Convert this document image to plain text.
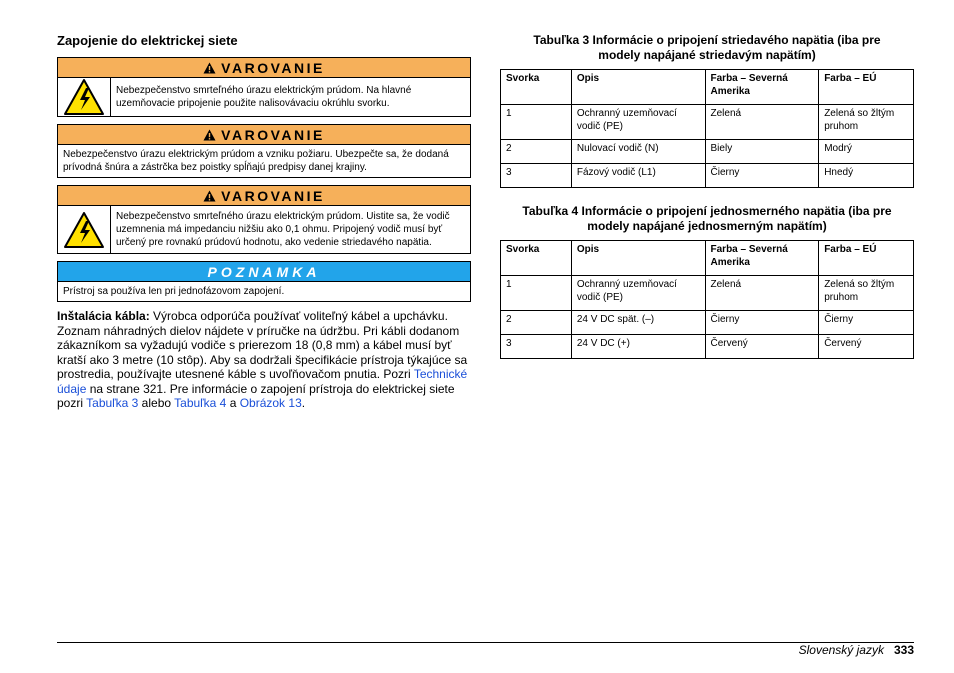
Zapojenie do elektrickej siete
VAROVANIE
Nebezpečenstvo smrteľného úrazu elektrickým prúdom. Na hlavné uzemňovacie pripojenie použite nalisovávaciu okrúhlu svorku.
VAROVANIE
Nebezpečenstvo úrazu elektrickým prúdom a vzniku požiaru. Ubezpečte sa, že dodaná prívodná šnúra a zástrčka bez poistky spĺňajú predpisy danej krajiny.
VAROVANIE
Nebezpečenstvo smrteľného úrazu elektrickým prúdom. Uistite sa, že vodič uzemnenia má impedanciu nižšiu ako 0,1 ohmu. Pripojený vodič musí byť určený pre rovnakú prúdovú hodnotu, ako vedenie striedavého napätia.
POZNAMKA
Prístroj sa používa len pri jednofázovom zapojení.
Inštalácia kábla: Výrobca odporúča používať voliteľný kábel a upchávku. Zoznam náhradných dielov nájdete v príručke na údržbu. Pri kábli dodanom zákazníkom sa vyžadujú vodiče s prierezom 18 (0,8 mm) a kábel musí byť kratší ako 3 metre (10 stôp). Aby sa dodržali špecifikácie prístroja týkajúce sa prostredia, používajte utesnené káble s uvoľňovačom pnutia. Pozri Technické údaje na strane 321. Pre informácie o zapojení prístroja do elektrickej siete pozri Tabuľka 3 alebo Tabuľka 4 a Obrázok 13.
Tabuľka 3 Informácie o pripojení striedavého napätia (iba pre
modely napájané striedavým napätím)
Svorka	Opis	Farba – Severná Amerika	Farba – EÚ
1	Ochranný uzemňovací vodič (PE)	Zelená	Zelená so žltým pruhom
2	Nulovací vodič (N)	Biely	Modrý
3	Fázový vodič (L1)	Čierny	Hnedý
Tabuľka 4 Informácie o pripojení jednosmerného napätia (iba pre
modely napájané jednosmerným napätím)
Svorka	Opis	Farba – Severná Amerika	Farba – EÚ
1	Ochranný uzemňovací vodič (PE)	Zelená	Zelená so žltým pruhom
2	24 V DC spät. (–)	Čierny	Čierny
3	24 V DC (+)	Červený	Červený
Slovenský jazyk 333
